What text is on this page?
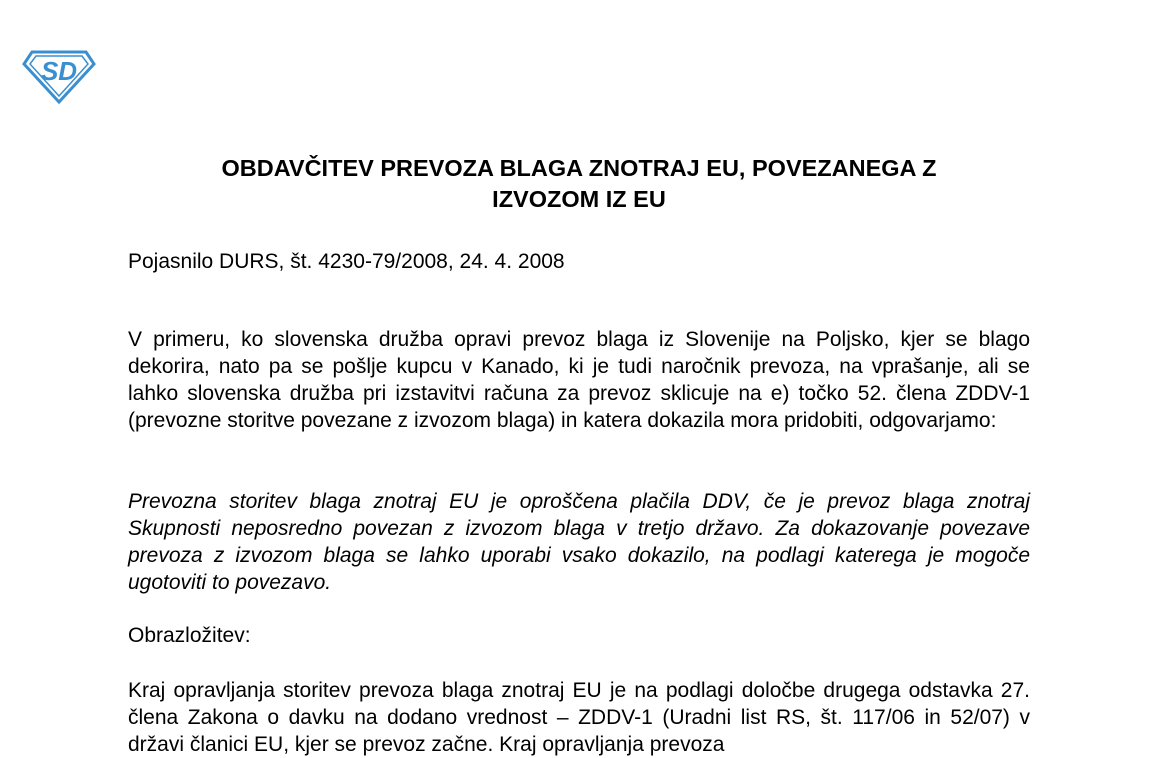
SD
OBDAVČITEV PREVOZA BLAGA ZNOTRAJ EU, POVEZANEGA Z
IZVOZOM IZ EU

Pojasnilo DURS, št. 4230-79/2008, 24. 4. 2008

V primeru, ko slovenska družba opravi prevoz blaga iz Slovenije na Poljsko, kjer se blago dekorira, nato pa se pošlje kupcu v Kanado, ki je tudi naročnik prevoza, na vprašanje, ali se lahko slovenska družba pri izstavitvi računa za prevoz sklicuje na e) točko 52. člena ZDDV-1 (prevozne storitve povezane z izvozom blaga) in katera dokazila mora pridobiti, odgovarjamo:

Prevozna storitev blaga znotraj EU je oproščena plačila DDV, če je prevoz blaga znotraj Skupnosti neposredno povezan z izvozom blaga v tretjo državo. Za dokazovanje povezave prevoza z izvozom blaga se lahko uporabi vsako dokazilo, na podlagi katerega je mogoče ugotoviti to povezavo.

Obrazložitev:

Kraj opravljanja storitev prevoza blaga znotraj EU je na podlagi določbe drugega odstavka 27. člena Zakona o davku na dodano vrednost – ZDDV-1 (Uradni list RS, št. 117/06 in 52/07) v državi članici EU, kjer se prevoz začne. Kraj opravljanja prevoza
